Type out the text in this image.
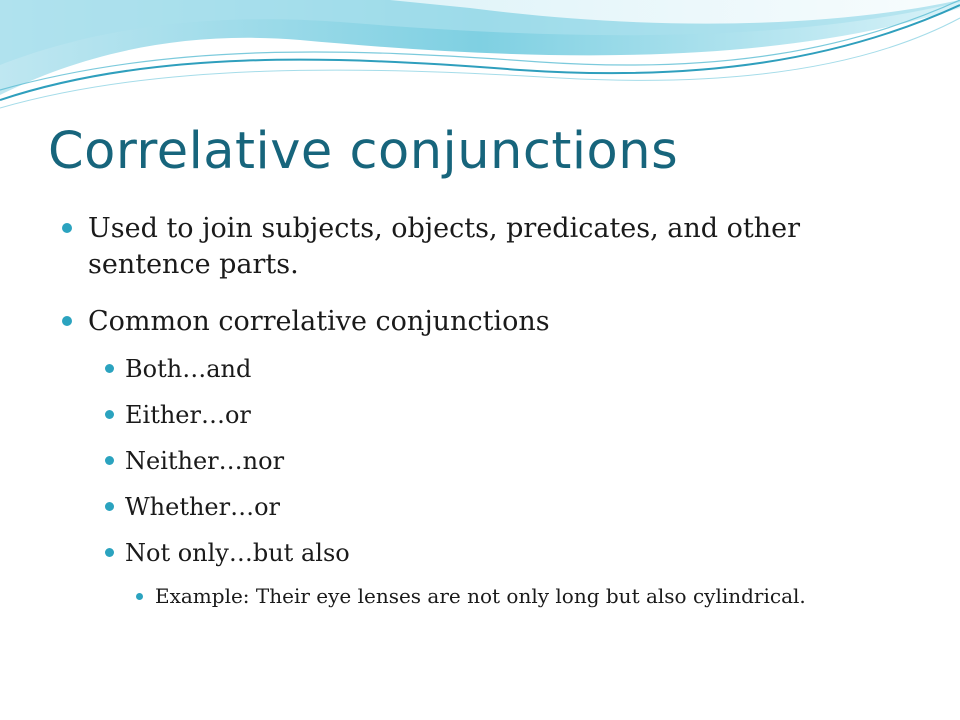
Correlative conjunctions
Used to join subjects, objects, predicates, and other sentence parts.
Common correlative conjunctions
Both…and
Either…or
Neither…nor
Whether…or
Not only…but also
Example: Their eye lenses are not only long but also cylindrical.
